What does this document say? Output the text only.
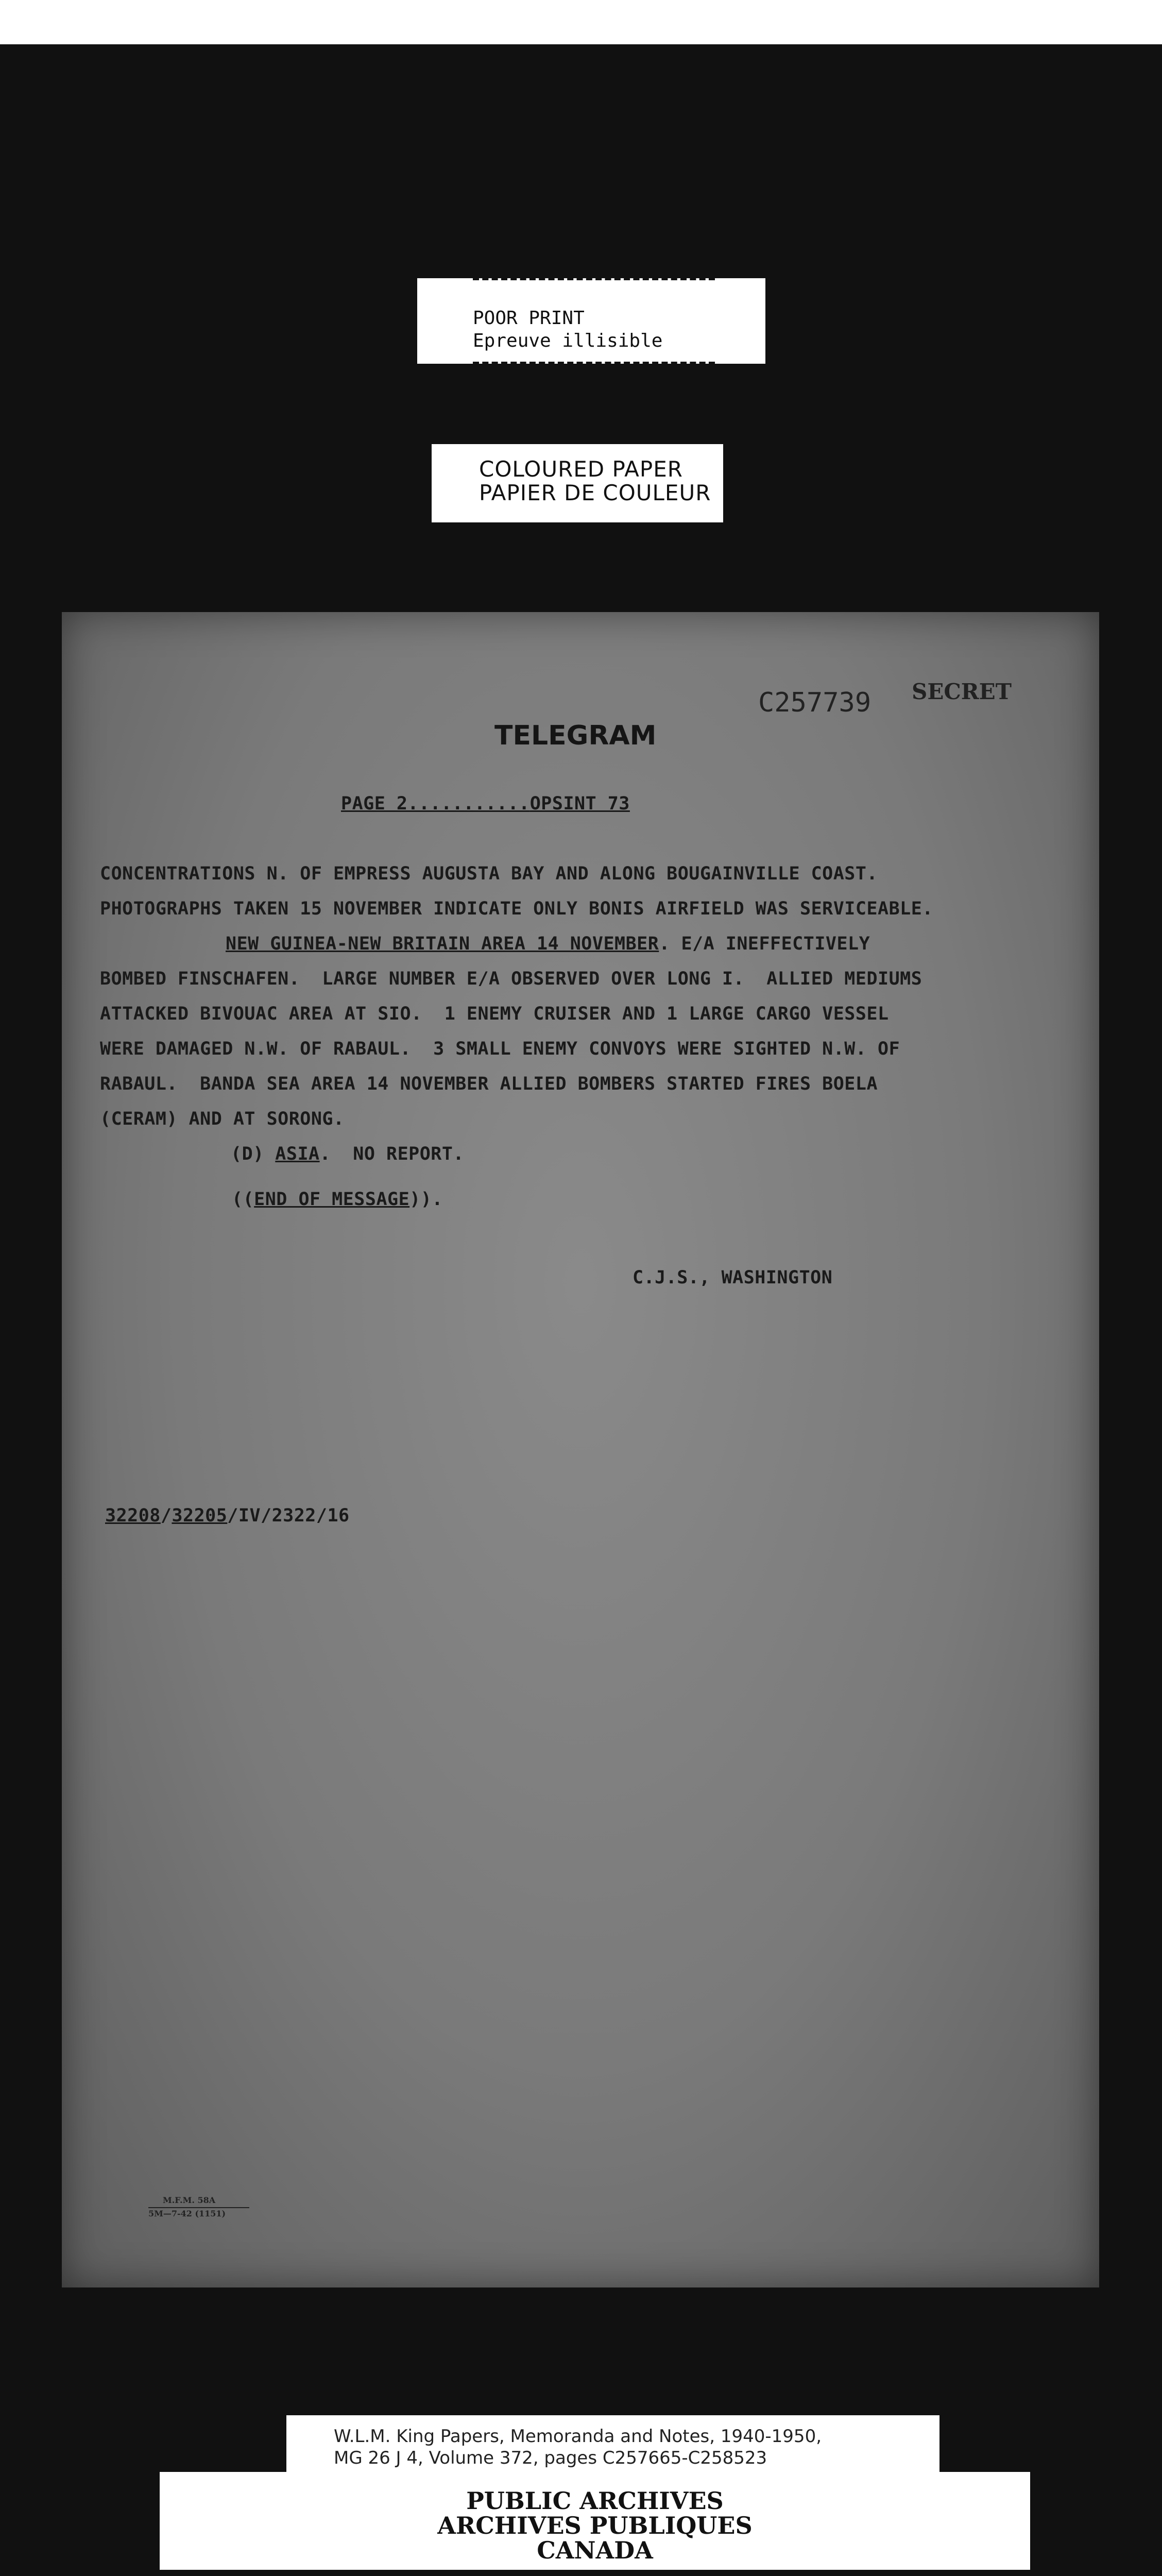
POOR PRINT
Epreuve illisible
COLOURED PAPER
PAPIER DE COULEUR
C257739 SECRET
TELEGRAM
PAGE 2...........OPSINT 73
CONCENTRATIONS N. OF EMPRESS AUGUSTA BAY AND ALONG BOUGAINVILLE COAST.
PHOTOGRAPHS TAKEN 15 NOVEMBER INDICATE ONLY BONIS AIRFIELD WAS SERVICEABLE.
NEW GUINEA-NEW BRITAIN AREA 14 NOVEMBER. E/A INEFFECTIVELY
BOMBED FINSCHAFEN.  LARGE NUMBER E/A OBSERVED OVER LONG I.  ALLIED MEDIUMS
ATTACKED BIVOUAC AREA AT SIO.  1 ENEMY CRUISER AND 1 LARGE CARGO VESSEL
WERE DAMAGED N.W. OF RABAUL.  3 SMALL ENEMY CONVOYS WERE SIGHTED N.W. OF
RABAUL.  BANDA SEA AREA 14 NOVEMBER ALLIED BOMBERS STARTED FIRES BOELA
(CERAM) AND AT SORONG.
(D) ASIA.  NO REPORT.
((END OF MESSAGE)).
C.J.S., WASHINGTON
32208/32205/IV/2322/16
M.F.M. 58A
5M—7-42 (1151)
W.L.M. King Papers, Memoranda and Notes, 1940-1950,
MG 26 J 4, Volume 372, pages C257665-C258523
PUBLIC ARCHIVES
ARCHIVES PUBLIQUES
CANADA
